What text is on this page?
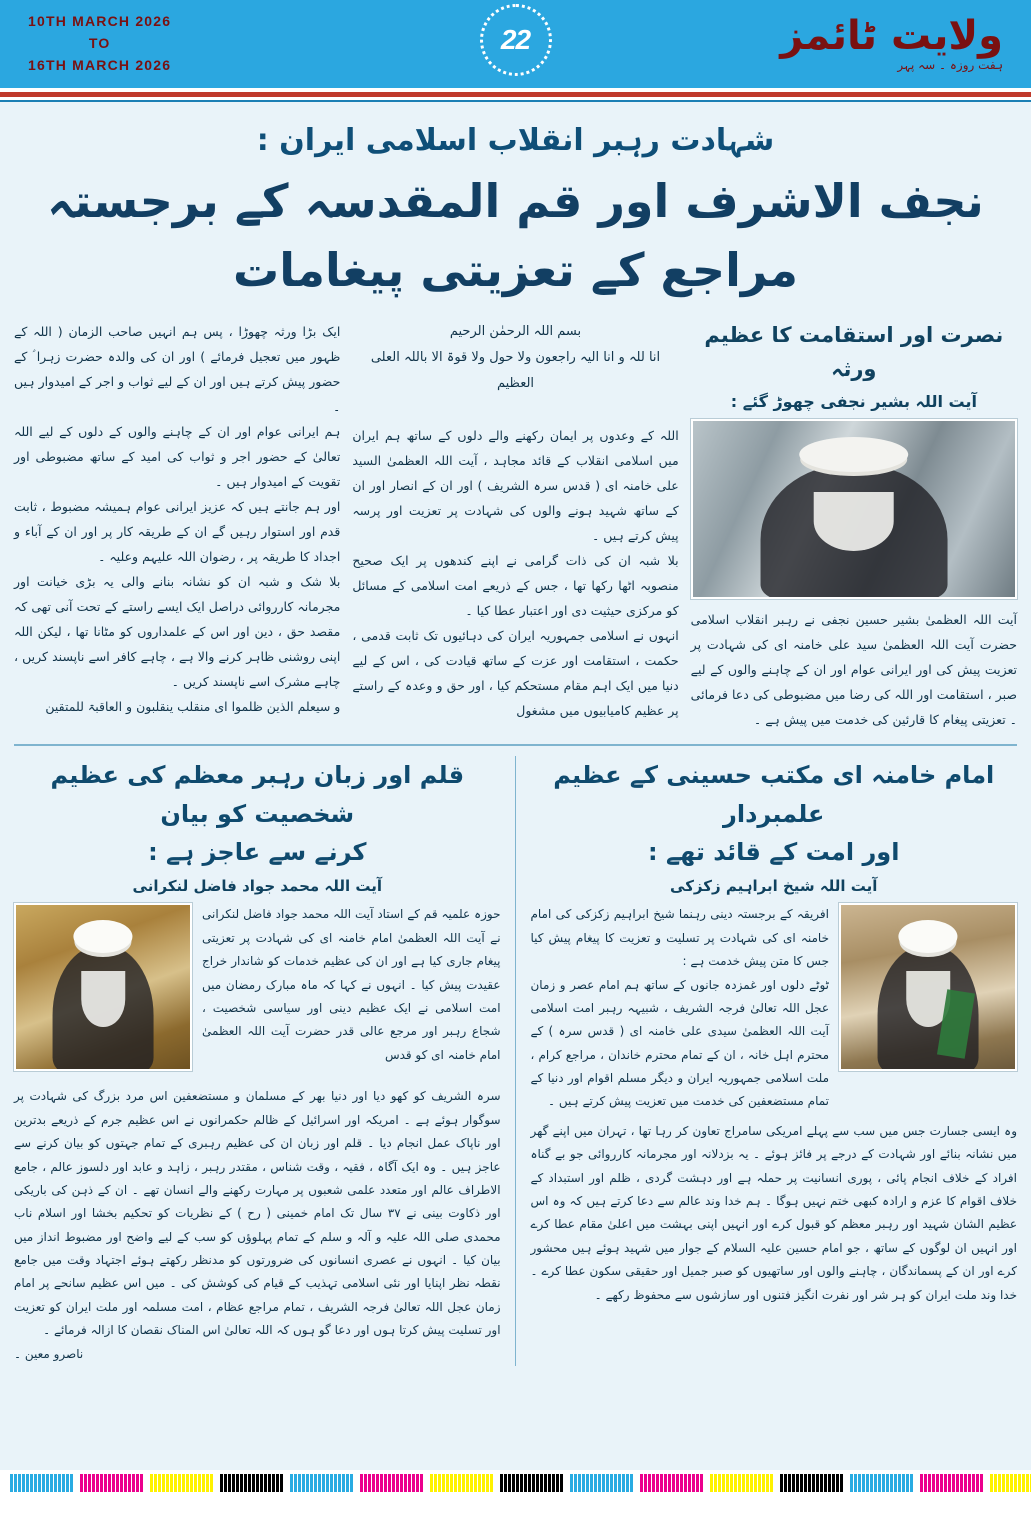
10TH MARCH 2026
TO
16TH MARCH 2026
22	ولایت ٹائمز
ہفت روزہ ۔ سہ پہر
شہادت رہبر انقلاب اسلامی ایران :
نجف الاشرف اور قم المقدسہ کے برجستہ مراجع کے تعزیتی پیغامات
نصرت اور استقامت کا عظیم ورثہ
آیت اللہ بشیر نجفی چھوڑ گئے :
آیت اللہ العظمیٰ بشیر حسین نجفی نے رہبر انقلاب اسلامی حضرت آیت اللہ العظمیٰ سید علی خامنہ ای کی شہادت پر تعزیت پیش کی اور ایرانی عوام اور ان کے چاہنے والوں کے لیے صبر ، استقامت اور اللہ کی رضا میں مضبوطی کی دعا فرمائی ۔ تعزیتی پیغام کا قارئین کی خدمت میں پیش ہے ۔
بسم اللہ الرحمٰن الرحیم
انا للہ و انا الیہ راجعون ولا حول ولا قوۃ الا باللہ العلی العظیم
اللہ کے وعدوں پر ایمان رکھنے والے دلوں کے ساتھ ہم ایران میں اسلامی انقلاب کے قائد مجاہد ، آیت اللہ العظمیٰ السید علی خامنہ ای ( قدس سرہ الشریف ) اور ان کے انصار اور ان کے ساتھ شہید ہونے والوں کی شہادت پر تعزیت اور پرسہ پیش کرتے ہیں ۔
بلا شبہ ان کی ذات گرامی نے اپنے کندھوں پر ایک صحیح منصوبہ اٹھا رکھا تھا ، جس کے ذریعے امت اسلامی کے مسائل کو مرکزی حیثیت دی اور اعتبار عطا کیا ۔
انہوں نے اسلامی جمہوریہ ایران کی دہائیوں تک ثابت قدمی ، حکمت ، استقامت اور عزت کے ساتھ قیادت کی ، اس کے لیے دنیا میں ایک اہم مقام مستحکم کیا ، اور حق و وعدہ کے راستے پر عظیم کامیابیوں میں مشغول
ایک بڑا ورثہ چھوڑا ، پس ہم انہیں صاحب الزمان ( اللہ کے ظہور میں تعجیل فرمائے ) اور ان کی والدہ حضرت زہرا ؑ کے حضور پیش کرتے ہیں اور ان کے لیے ثواب و اجر کے امیدوار ہیں ۔
ہم ایرانی عوام اور ان کے چاہنے والوں کے دلوں کے لیے اللہ تعالیٰ کے حضور اجر و ثواب کی امید کے ساتھ مضبوطی اور تقویت کے امیدوار ہیں ۔
اور ہم جانتے ہیں کہ عزیز ایرانی عوام ہمیشہ مضبوط ، ثابت قدم اور استوار رہیں گے ان کے طریقہ کار پر اور ان کے آباء و اجداد کا طریقہ پر ، رضوان اللہ علیہم وعلیہ ۔
بلا شک و شبہ ان کو نشانہ بنانے والی یہ بڑی خیانت اور مجرمانہ کارروائی دراصل ایک ایسے راستے کے تحت آنی تھی کہ مقصد حق ، دین اور اس کے علمداروں کو مٹانا تھا ، لیکن اللہ اپنی روشنی ظاہر کرنے والا ہے ، چاہے کافر اسے ناپسند کریں ، چاہے مشرک اسے ناپسند کریں ۔
و سیعلم الذین ظلموا ای منقلب ینقلبون و العاقبۃ للمتقین
امام خامنہ ای مکتب حسینی کے عظیم علمبردار
اور امت کے قائد تھے :
آیت اللہ شیخ ابراہیم زکزکی
افریقہ کے برجستہ دینی رہنما شیخ ابراہیم زکزکی کی امام خامنہ ای کی شہادت پر تسلیت و تعزیت کا پیغام پیش کیا جس کا متن پیش خدمت ہے :
ٹوٹے دلوں اور غمزدہ جانوں کے ساتھ ہم امام عصر و زمان عجل اللہ تعالیٰ فرجہ الشریف ، شبیہہ رہبر امت اسلامی آیت اللہ العظمیٰ سیدی علی خامنہ ای ( قدس سرہ ) کے محترم اہل خانہ ، ان کے تمام محترم خاندان ، مراجع کرام ، ملت اسلامی جمہوریہ ایران و دیگر مسلم اقوام اور دنیا کے تمام مستضعفین کی خدمت میں تعزیت پیش کرتے ہیں ۔
وہ ایسی جسارت جس میں سب سے پہلے امریکی سامراج تعاون کر رہا تھا ، تہران میں اپنے گھر میں نشانہ بنائے اور شہادت کے درجے پر فائز ہوئے ۔ یہ بزدلانہ اور مجرمانہ کارروائی جو بے گناہ افراد کے خلاف انجام پائی ، پوری انسانیت پر حملہ ہے اور دہشت گردی ، ظلم اور استبداد کے خلاف اقوام کا عزم و ارادہ کبھی ختم نہیں ہوگا ۔ ہم خدا وند عالم سے دعا کرتے ہیں کہ وہ اس عظیم الشان شہید اور رہبر معظم کو قبول کرے اور انہیں اپنی بہشت میں اعلیٰ مقام عطا کرے اور انہیں ان لوگوں کے ساتھ ، جو امام حسین علیہ السلام کے جوار میں شہید ہوئے ہیں محشور کرے اور ان کے پسماندگان ، چاہنے والوں اور ساتھیوں کو صبر جمیل اور حقیقی سکون عطا کرے ۔ خدا وند ملت ایران کو ہر شر اور نفرت انگیز فتنوں اور سازشوں سے محفوظ رکھے ۔
قلم اور زبان رہبر معظم کی عظیم شخصیت کو بیان
کرنے سے عاجز ہے :
آیت اللہ محمد جواد فاضل لنکرانی
حوزہ علمیہ قم کے استاد آیت اللہ محمد جواد فاضل لنکرانی نے آیت اللہ العظمیٰ امام خامنہ ای کی شہادت پر تعزیتی پیغام جاری کیا ہے اور ان کی عظیم خدمات کو شاندار خراج عقیدت پیش کیا ۔ انہوں نے کہا کہ ماہ مبارک رمضان میں امت اسلامی نے ایک عظیم دینی اور سیاسی شخصیت ، شجاع رہبر اور مرجع عالی قدر حضرت آیت اللہ العظمیٰ امام خامنہ ای کو قدس
سرہ الشریف کو کھو دیا اور دنیا بھر کے مسلمان و مستضعفین اس مرد بزرگ کی شہادت پر سوگوار ہوئے ہے ۔ امریکہ اور اسرائیل کے ظالم حکمرانوں نے اس عظیم جرم کے ذریعے بدترین اور ناپاک عمل انجام دیا ۔ قلم اور زبان ان کی عظیم رہبری کے تمام جہتوں کو بیان کرنے سے عاجز ہیں ۔ وہ ایک آگاہ ، فقیہ ، وقت شناس ، مقتدر رہبر ، زاہد و عابد اور دلسوز عالم ، جامع الاطراف عالم اور متعدد علمی شعبوں پر مہارت رکھنے والے انسان تھے ۔ ان کے ذہن کی باریکی اور ذکاوت بینی نے ۳۷ سال تک امام خمینی ( رح ) کے نظریات کو تحکیم بخشا اور اسلام ناب محمدی صلی اللہ علیہ و آلہ و سلم کے تمام پہلوؤں کو سب کے لیے واضح اور مضبوط انداز میں بیان کیا ۔ انہوں نے عصری انسانوں کی ضرورتوں کو مدنظر رکھتے ہوئے اجتہاد وقت میں جامع نقطہ نظر اپنایا اور نئی اسلامی تہذیب کے قیام کی کوشش کی ۔ میں اس عظیم سانحے پر امام زمان عجل اللہ تعالیٰ فرجہ الشریف ، تمام مراجع عظام ، امت مسلمہ اور ملت ایران کو تعزیت اور تسلیت پیش کرتا ہوں اور دعا گو ہوں کہ اللہ تعالیٰ اس المناک نقصان کا ازالہ فرمائے ۔
ناصرو معین ۔
